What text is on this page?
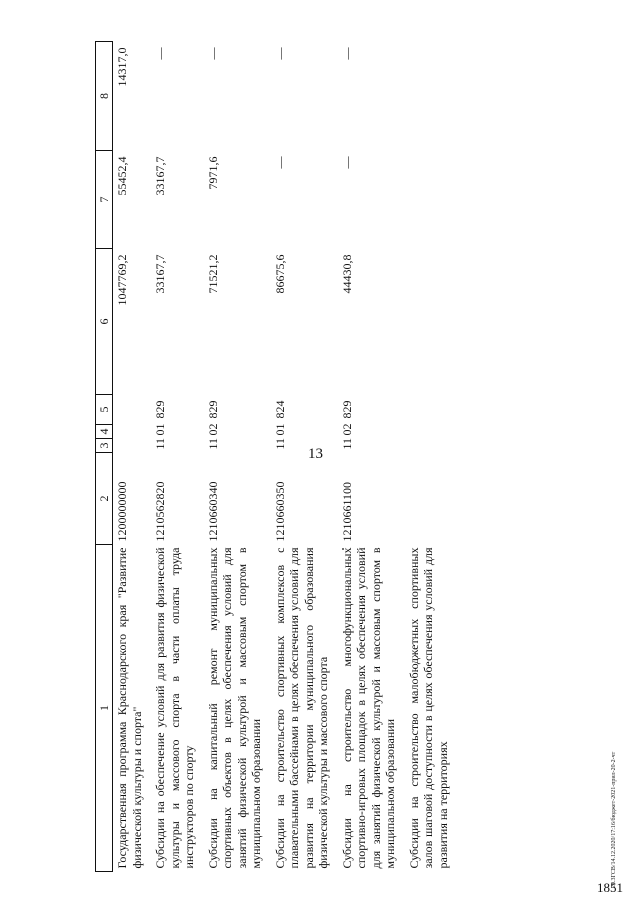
13
20.3ГСВ/14.12.2020/17:16/бюджет-2021-прил-20-2-чт
1851
1	2	3	4	5	6	7	8
Государственная программа Краснодарского края "Развитие физической культуры и спорта"	1200000000				1047769,2	55452,4	14317,0
Субсидии на обеспечение условий для развития физической культуры и массового спорта в части оплаты труда инструкторов по спорту	1210562820	11	01	829	33167,7	33167,7	—
Субсидии на капитальный ремонт муниципальных спортивных объектов в целях обеспечения условий для занятий физической культурой и массовым спортом в муниципальном образовании	1210660340	11	02	829	71521,2	7971,6	—
Субсидии на строительство спортивных комплексов с плавательными бассейнами в целях обеспечения условий для развития на территории муниципального образования физической культуры и массового спорта	1210660350	11	01	824	86675,6	—	—
Субсидии на строительство многофункциональных спортивно-игровых площадок в целях обеспечения условий для занятий физической культурой и массовым спортом в муниципальном образовании	1210661100	11	02	829	44430,8	—	—
Субсидии на строительство малобюджетных спортивных залов шаговой доступности в целях обеспечения условий для развития на территориях							
